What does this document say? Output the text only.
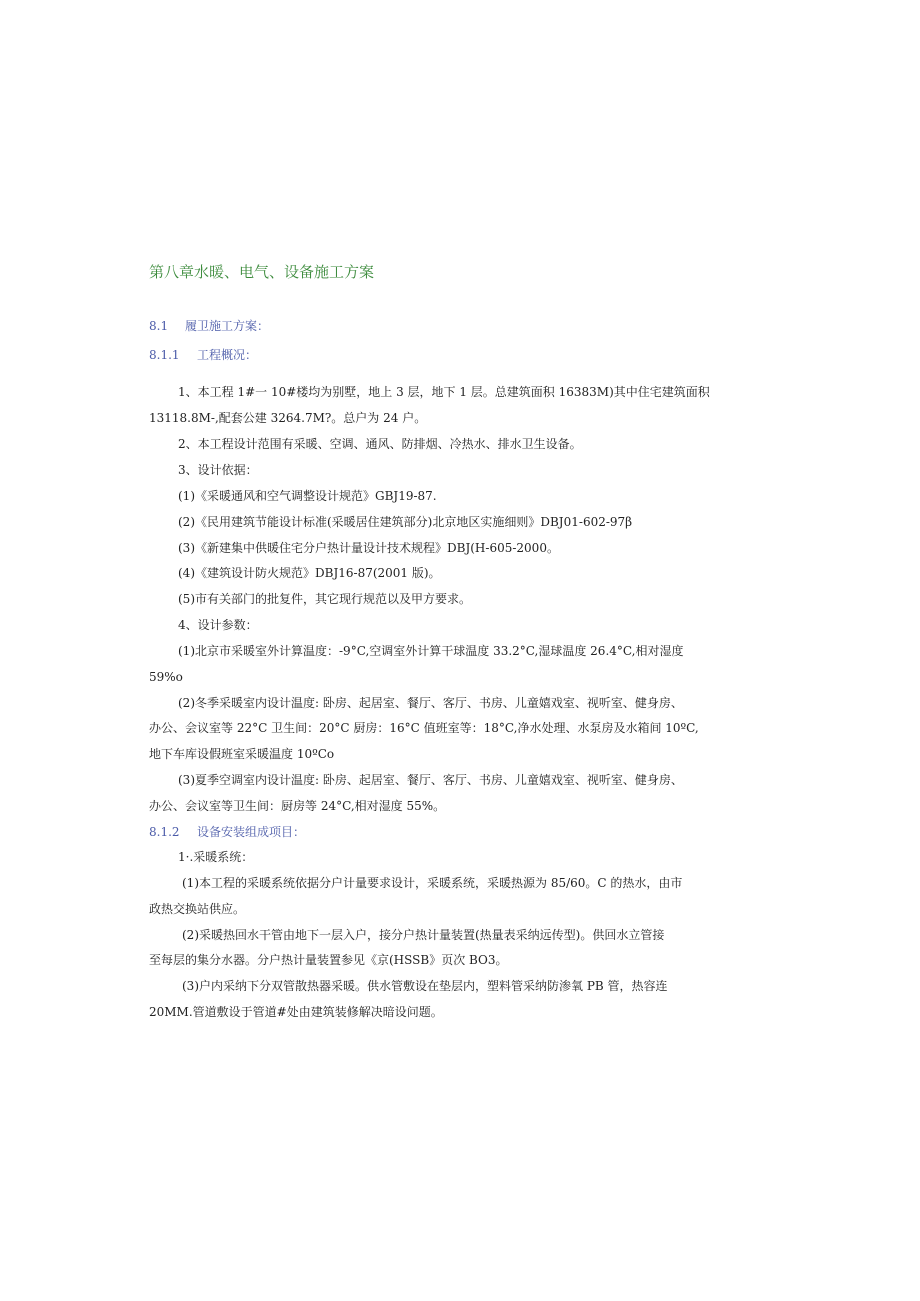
第八章水暖、电气、设备施工方案
8.1 履卫施工方案：
8.1.1 工程概况：
1、本工程 1#一 10#楼均为别墅，地上 3 层，地下 1 层。总建筑面积 16383M)其中住宅建筑面积
13118.8M-,配套公建 3264.7M?。总户为 24 户。
2、本工程设计范围有采暖、空调、通风、防排烟、冷热水、排水卫生设备。
3、设计依据：
(1)《采暖通风和空气调整设计规范》GBJ19-87.
(2)《民用建筑节能设计标准(采暖居住建筑部分)北京地区实施细则》DBJ01-602-97β
(3)《新建集中供暖住宅分户热计量设计技术规程》DBJ(H-605-2000。
(4)《建筑设计防火规范》DBJ16-87(2001 版)。
(5)市有关部门的批复件，其它现行规范以及甲方要求。
4、设计参数：
(1)北京市采暖室外计算温度：-9°C,空调室外计算干球温度 33.2°C,湿球温度 26.4°C,相对湿度
59%o
(2)冬季采暖室内设计温度: 卧房、起居室、餐厅、客厅、书房、儿童嬉戏室、视听室、健身房、
办公、会议室等 22°C 卫生间：20°C 厨房：16°C 值班室等：18°C,净水处理、水泵房及水箱间 10ºC,
地下车库设假班室采暖温度 10ºCo
(3)夏季空调室内设计温度: 卧房、起居室、餐厅、客厅、书房、儿童嬉戏室、视听室、健身房、
办公、会议室等卫生间：厨房等 24°C,相对湿度 55%。
8.1.2 设备安装组成项目：
1·.采暖系统：
(1)本工程的采暖系统依据分户计量要求设计，采暖系统，采暖热源为 85/60。C 的热水，由市
政热交换站供应。
(2)采暖热回水干管由地下一层入户，接分户热计量装置(热量表采纳远传型)。供回水立管接
至每层的集分水器。分户热计量装置参见《京(HSSB》页次 BO3。
(3)户内采纳下分双管散热器采暖。供水管敷设在垫层内，塑料管采纳防渗氧 PB 管，热容连
20MM.管道敷设于管道#处由建筑装修解决暗设问题。
